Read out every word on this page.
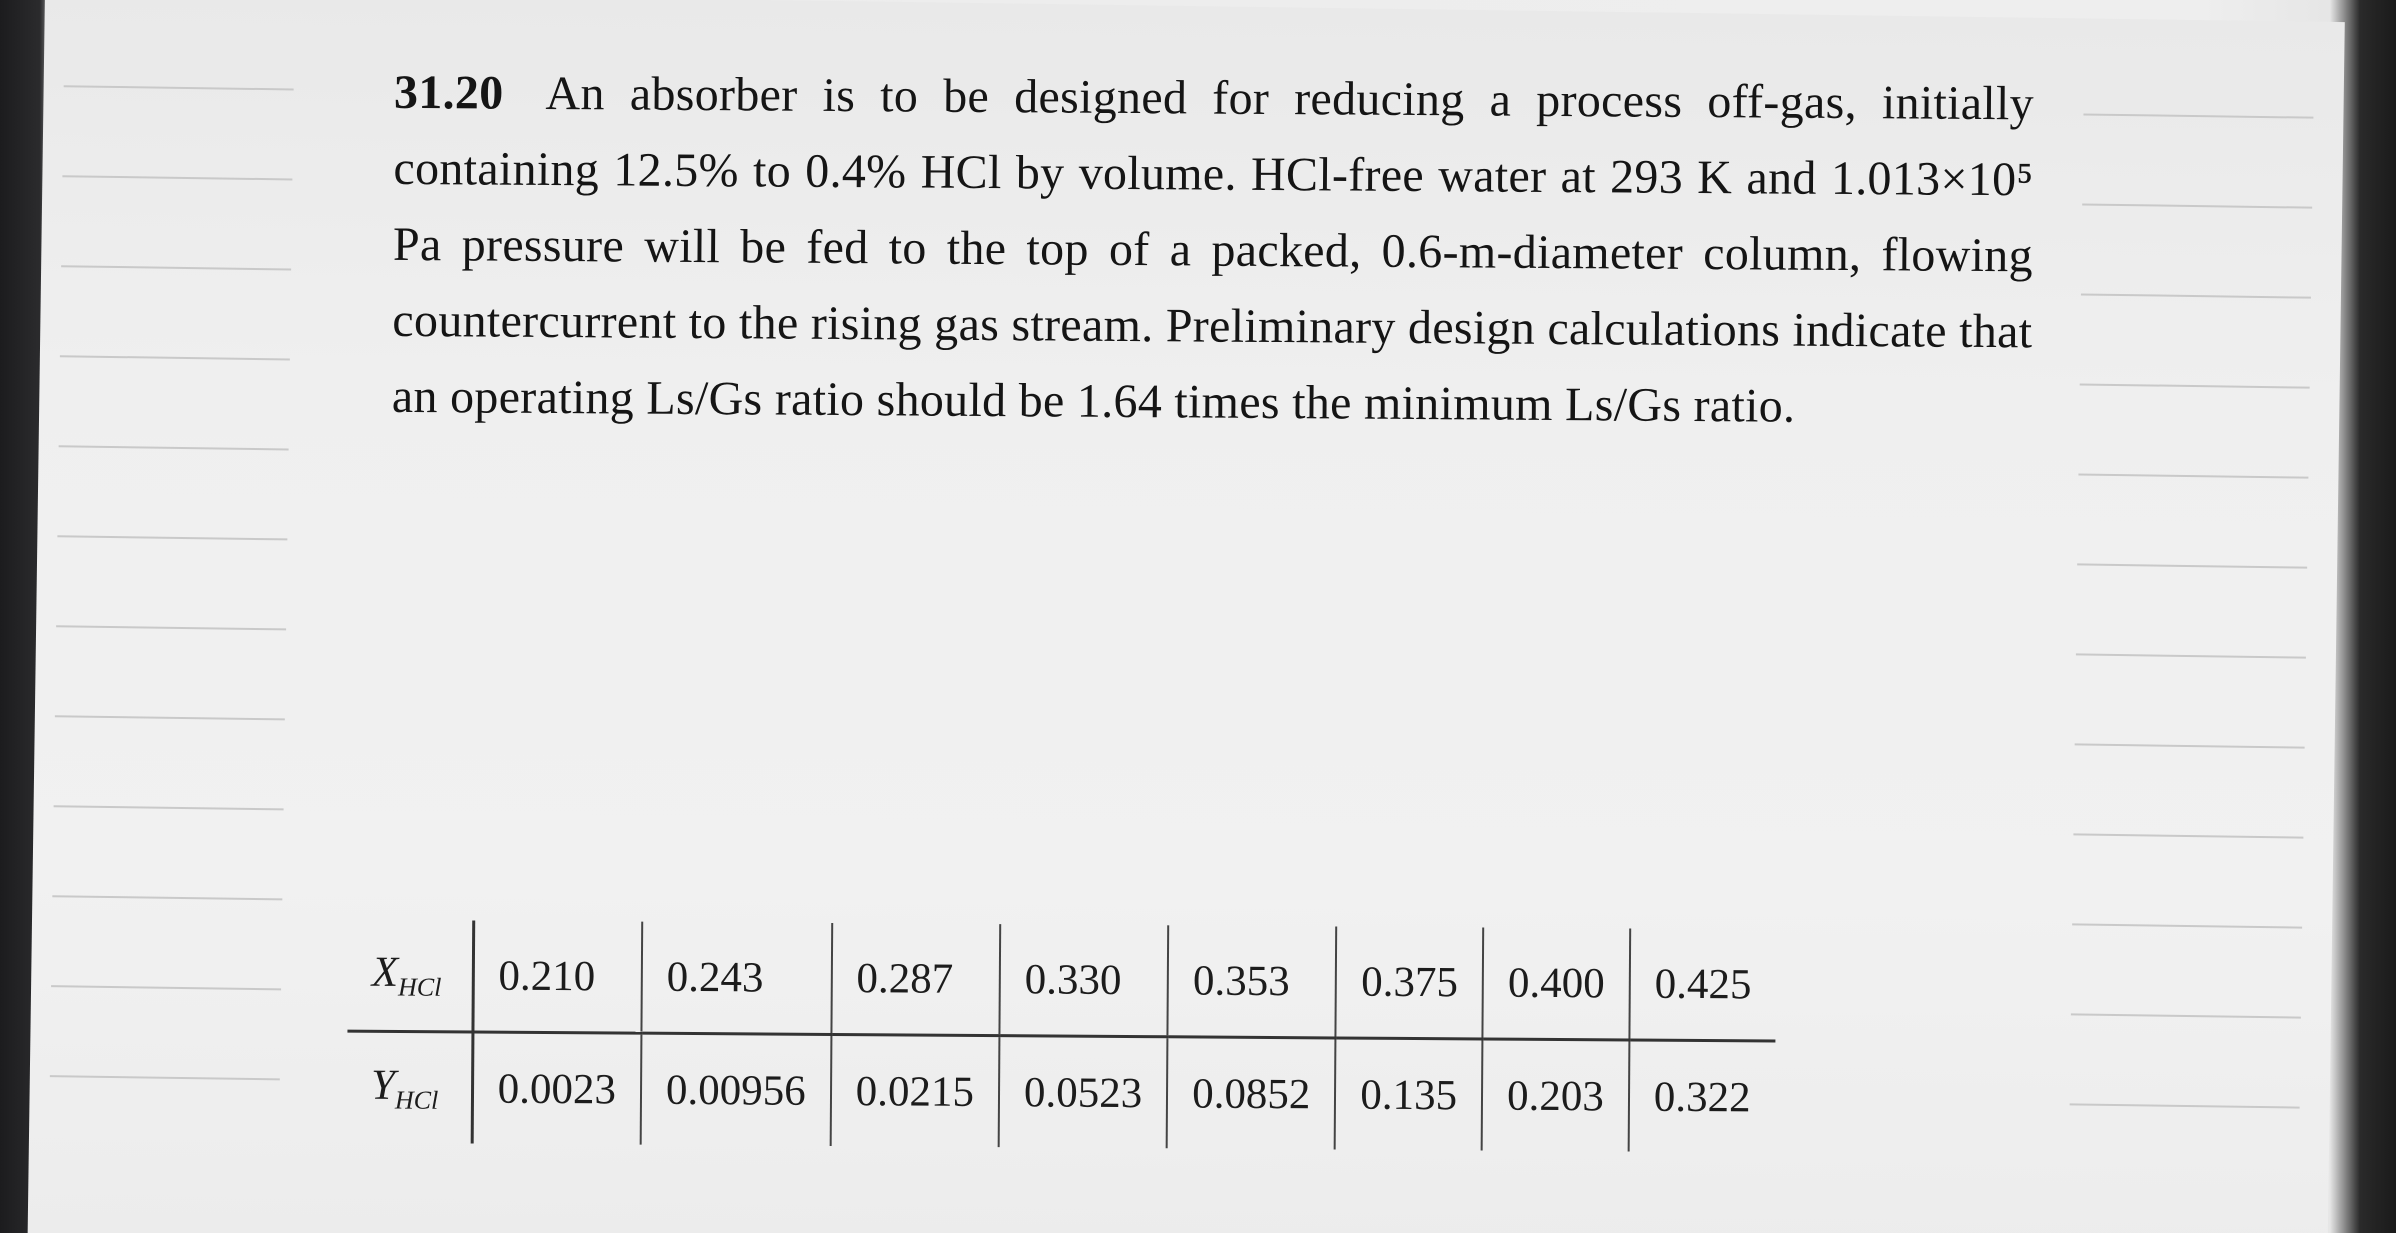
31.20 An absorber is to be designed for reducing a process off-gas, initially containing 12.5% to 0.4% HCl by volume. HCl-free water at 293 K and 1.013×10⁵ Pa pressure will be fed to the top of a packed, 0.6-m-diameter column, flowing countercurrent to the rising gas stream. Preliminary design calculations indicate that an operating Ls/Gs ratio should be 1.64 times the minimum Ls/Gs ratio.

$X_{HCl}$	0.210	0.243	0.287	0.330	0.353	0.375	0.400	0.425
$Y_{HCl}$	0.0023	0.00956	0.0215	0.0523	0.0852	0.135	0.203	0.322
